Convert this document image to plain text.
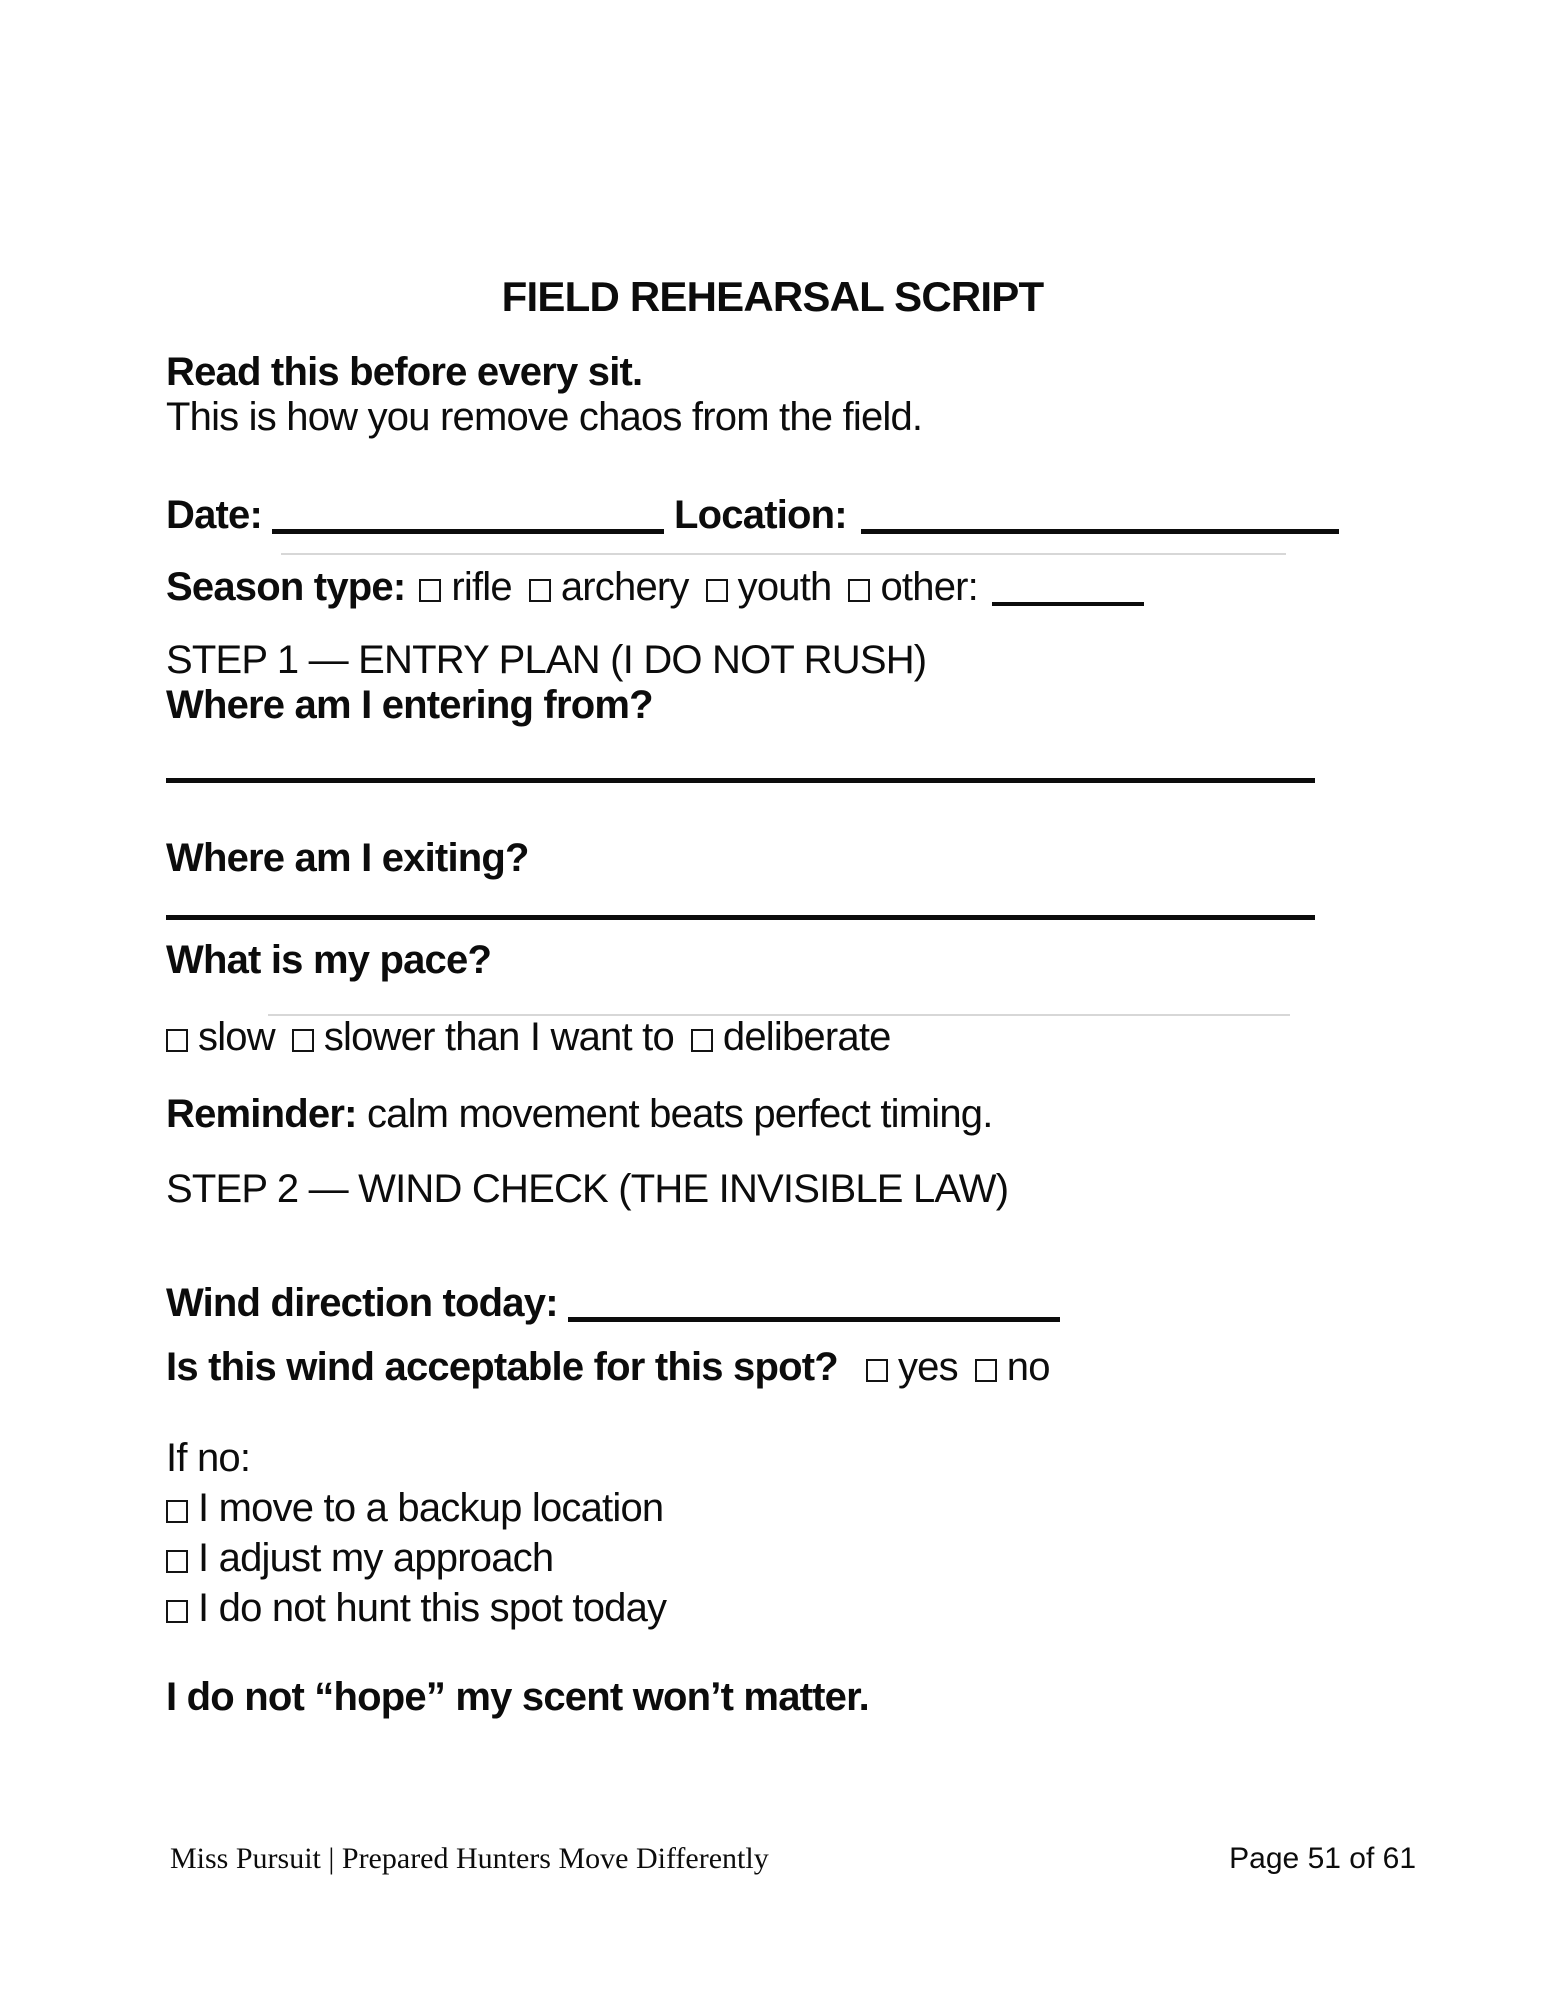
FIELD REHEARSAL SCRIPT
Read this before every sit.
This is how you remove chaos from the field.
Date:	Location:
Season type: rifle archery youth other:
STEP 1 — ENTRY PLAN (I DO NOT RUSH)
Where am I entering from?
Where am I exiting?
What is my pace?
slow slower than I want to deliberate
Reminder: calm movement beats perfect timing.
STEP 2 — WIND CHECK (THE INVISIBLE LAW)
Wind direction today:
Is this wind acceptable for this spot? yes no
If no:
I move to a backup location
I adjust my approach
I do not hunt this spot today
I do not “hope” my scent won’t matter.
Miss Pursuit | Prepared Hunters Move Differently	Page 51 of 61
